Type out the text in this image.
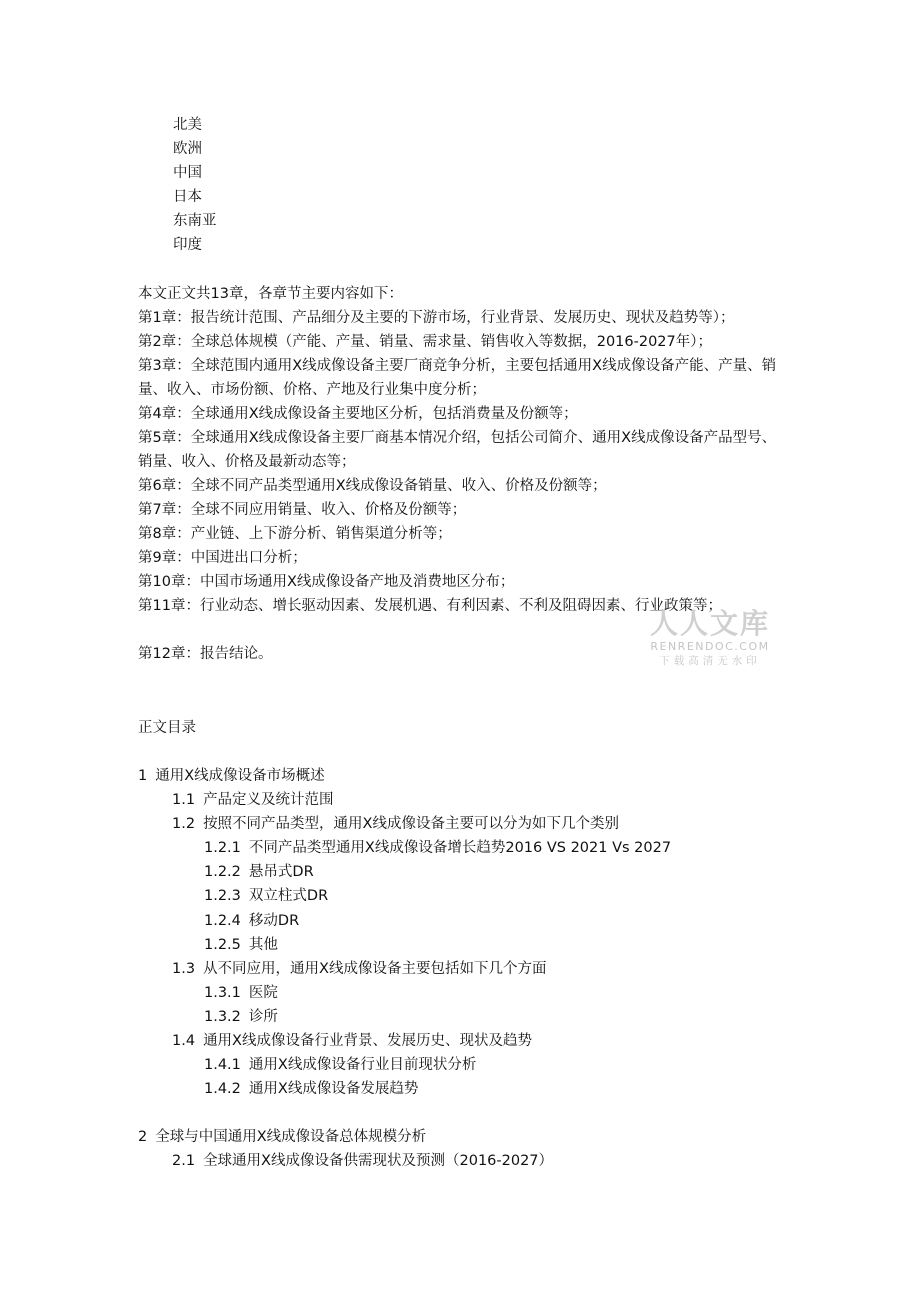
北美
欧洲
中国
日本
东南亚
印度
本文正文共13章，各章节主要内容如下：
第1章：报告统计范围、产品细分及主要的下游市场，行业背景、发展历史、现状及趋势等）；
第2章：全球总体规模（产能、产量、销量、需求量、销售收入等数据，2016-2027年）；
第3章：全球范围内通用X线成像设备主要厂商竞争分析，主要包括通用X线成像设备产能、产量、销量、收入、市场份额、价格、产地及行业集中度分析；
第4章：全球通用X线成像设备主要地区分析，包括消费量及份额等；
第5章：全球通用X线成像设备主要厂商基本情况介绍，包括公司简介、通用X线成像设备产品型号、销量、收入、价格及最新动态等；
第6章：全球不同产品类型通用X线成像设备销量、收入、价格及份额等；
第7章：全球不同应用销量、收入、价格及份额等；
第8章：产业链、上下游分析、销售渠道分析等；
第9章：中国进出口分析；
第10章：中国市场通用X线成像设备产地及消费地区分布；
第11章：行业动态、增长驱动因素、发展机遇、有利因素、不利及阻碍因素、行业政策等；
第12章：报告结论。
正文目录
1 通用X线成像设备市场概述
1.1 产品定义及统计范围
1.2 按照不同产品类型，通用X线成像设备主要可以分为如下几个类别
1.2.1 不同产品类型通用X线成像设备增长趋势2016 VS 2021 Vs 2027
1.2.2 悬吊式DR
1.2.3 双立柱式DR
1.2.4 移动DR
1.2.5 其他
1.3 从不同应用，通用X线成像设备主要包括如下几个方面
1.3.1 医院
1.3.2 诊所
1.4 通用X线成像设备行业背景、发展历史、现状及趋势
1.4.1 通用X线成像设备行业目前现状分析
1.4.2 通用X线成像设备发展趋势
2 全球与中国通用X线成像设备总体规模分析
2.1 全球通用X线成像设备供需现状及预测（2016-2027）
人人文库
RENRENDOC.COM
下载高清无水印
